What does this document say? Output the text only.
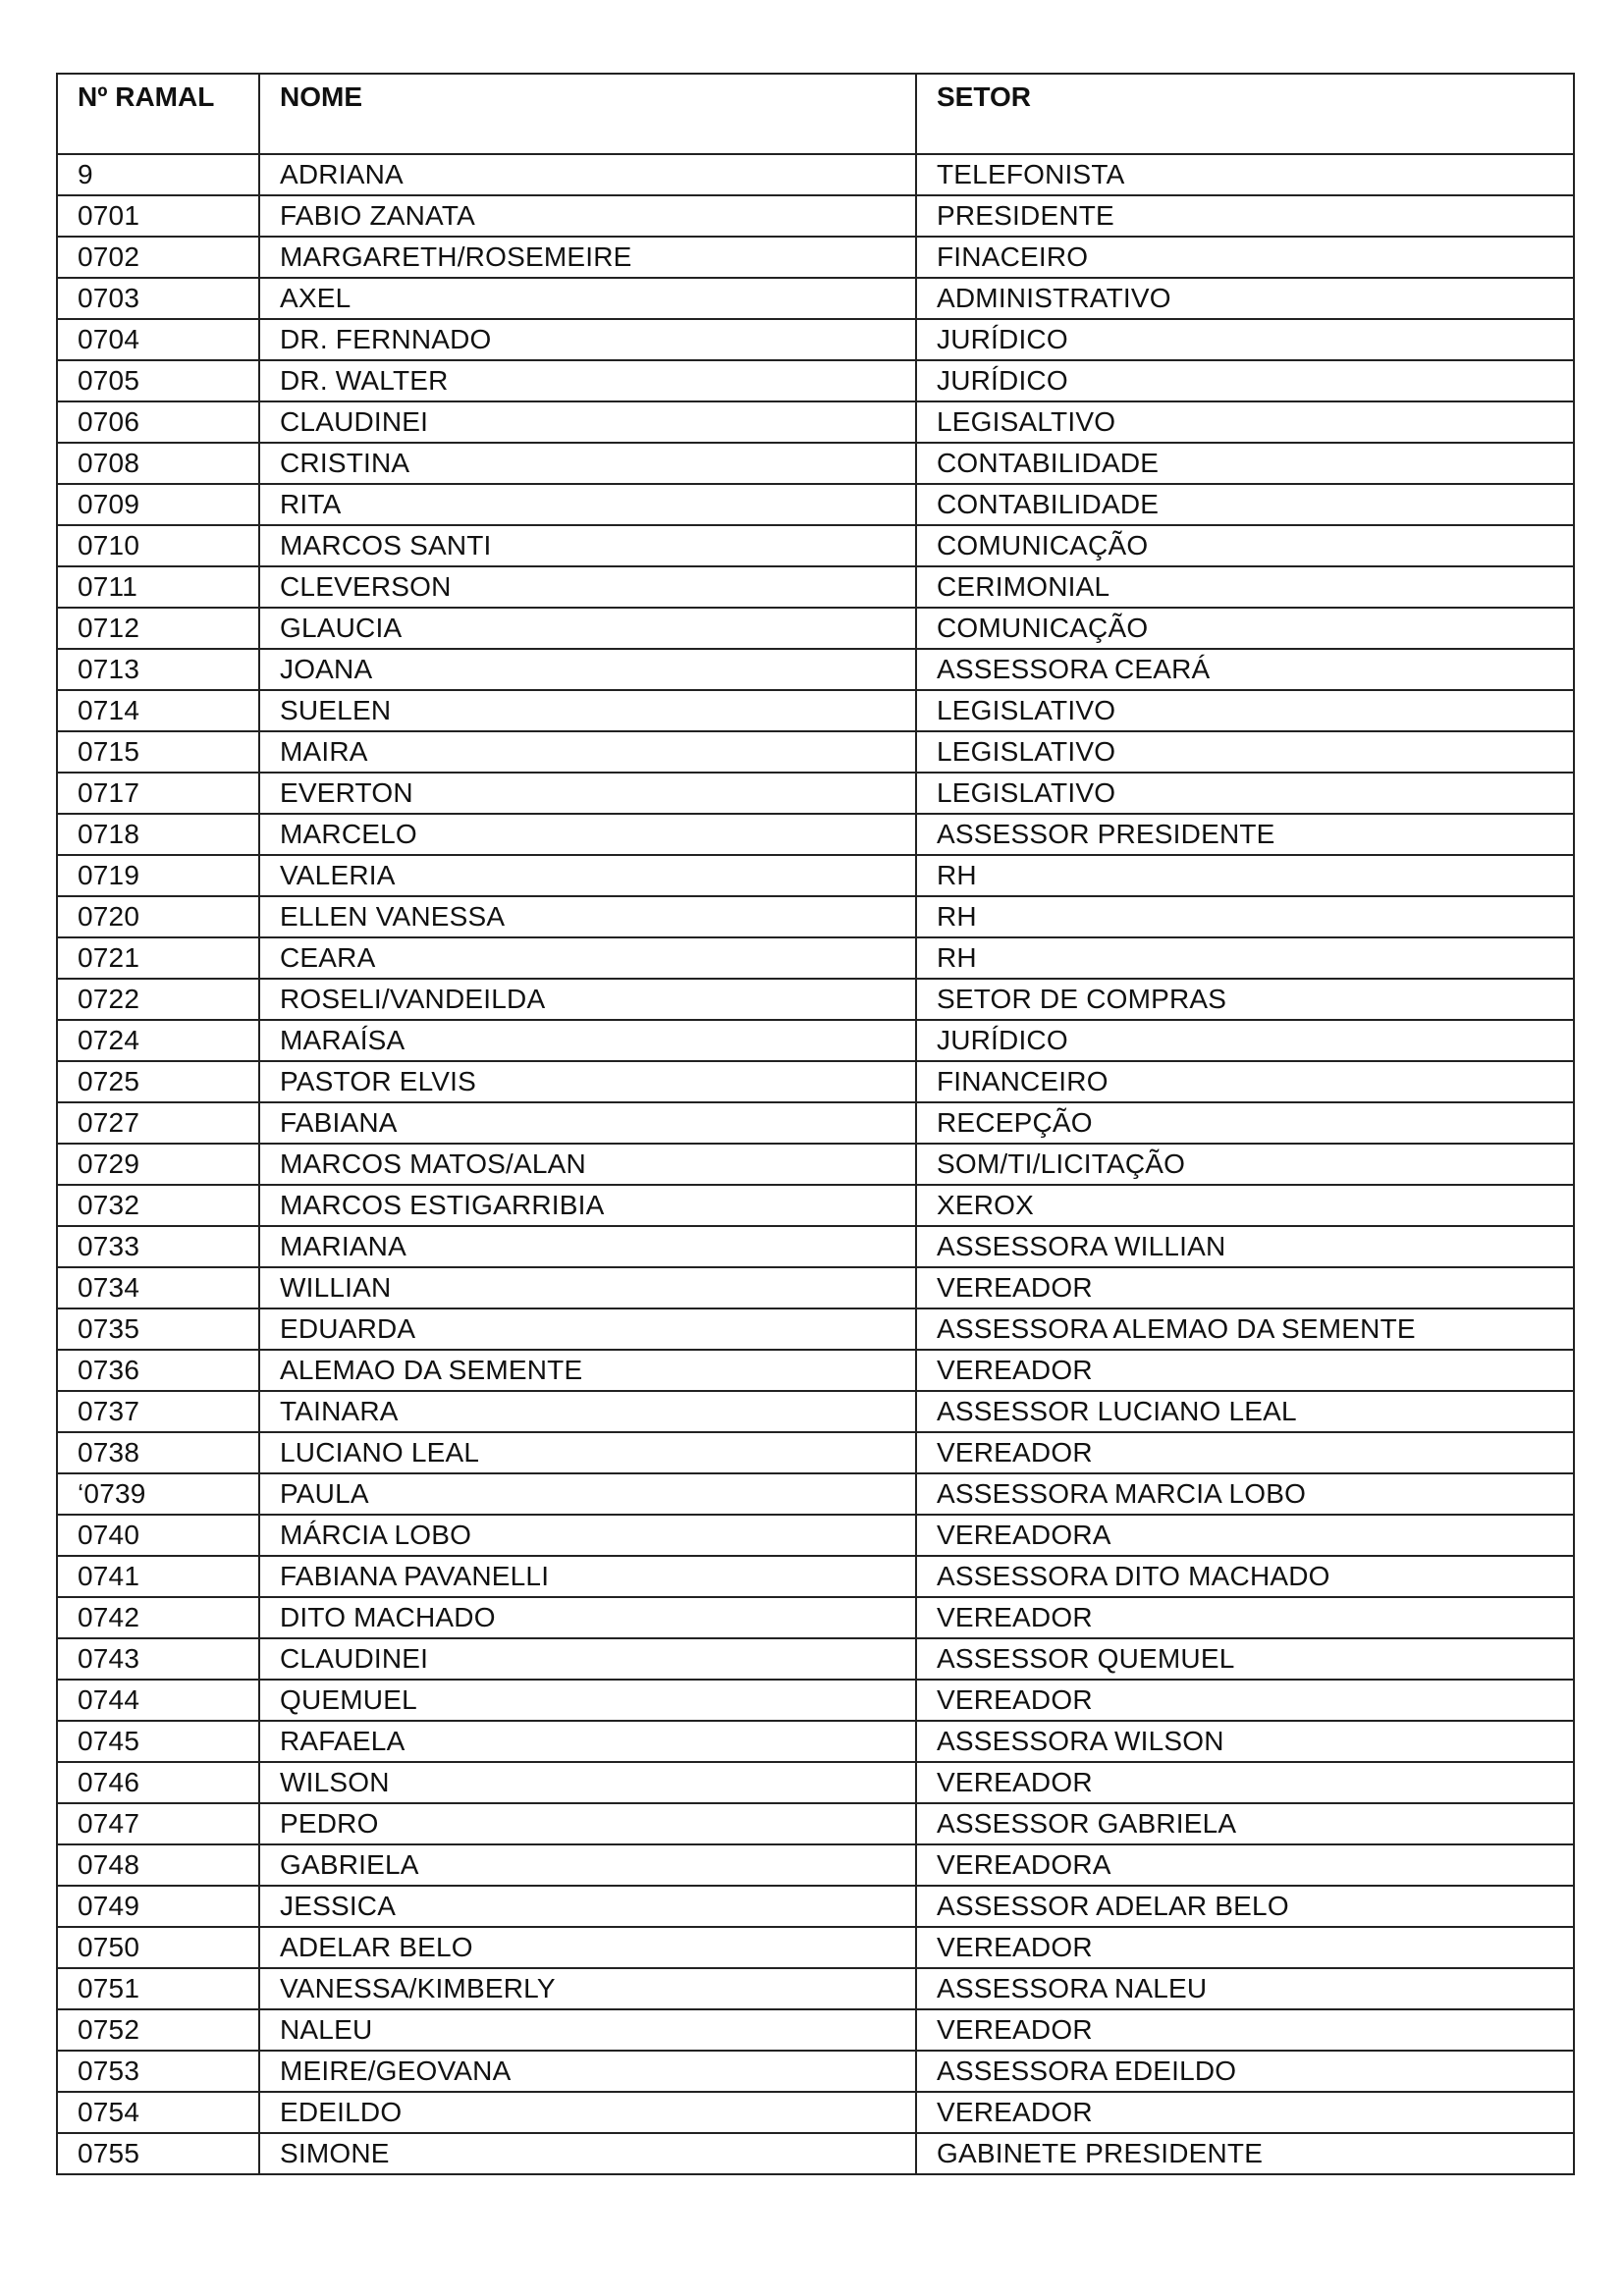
Nº RAMAL	NOME	SETOR
9	ADRIANA	TELEFONISTA
0701	FABIO ZANATA	PRESIDENTE
0702	MARGARETH/ROSEMEIRE	FINACEIRO
0703	AXEL	ADMINISTRATIVO
0704	DR. FERNNADO	JURÍDICO
0705	DR. WALTER	JURÍDICO
0706	CLAUDINEI	LEGISALTIVO
0708	CRISTINA	CONTABILIDADE
0709	RITA	CONTABILIDADE
0710	MARCOS SANTI	COMUNICAÇÃO
0711	CLEVERSON	CERIMONIAL
0712	GLAUCIA	COMUNICAÇÃO
0713	JOANA	ASSESSORA CEARÁ
0714	SUELEN	LEGISLATIVO
0715	MAIRA	LEGISLATIVO
0717	EVERTON	LEGISLATIVO
0718	MARCELO	ASSESSOR PRESIDENTE
0719	VALERIA	RH
0720	ELLEN VANESSA	RH
0721	CEARA	RH
0722	ROSELI/VANDEILDA	SETOR DE COMPRAS
0724	MARAÍSA	JURÍDICO
0725	PASTOR ELVIS	FINANCEIRO
0727	FABIANA	RECEPÇÃO
0729	MARCOS MATOS/ALAN	SOM/TI/LICITAÇÃO
0732	MARCOS ESTIGARRIBIA	XEROX
0733	MARIANA	ASSESSORA WILLIAN
0734	WILLIAN	VEREADOR
0735	EDUARDA	ASSESSORA ALEMAO DA SEMENTE
0736	ALEMAO DA SEMENTE	VEREADOR
0737	TAINARA	ASSESSOR LUCIANO LEAL
0738	LUCIANO LEAL	VEREADOR
‘0739	PAULA	ASSESSORA MARCIA LOBO
0740	MÁRCIA LOBO	VEREADORA
0741	FABIANA PAVANELLI	ASSESSORA DITO MACHADO
0742	DITO MACHADO	VEREADOR
0743	CLAUDINEI	ASSESSOR QUEMUEL
0744	QUEMUEL	VEREADOR
0745	RAFAELA	ASSESSORA WILSON
0746	WILSON	VEREADOR
0747	PEDRO	ASSESSOR GABRIELA
0748	GABRIELA	VEREADORA
0749	JESSICA	ASSESSOR ADELAR BELO
0750	ADELAR BELO	VEREADOR
0751	VANESSA/KIMBERLY	ASSESSORA NALEU
0752	NALEU	VEREADOR
0753	MEIRE/GEOVANA	ASSESSORA EDEILDO
0754	EDEILDO	VEREADOR
0755	SIMONE	GABINETE PRESIDENTE
